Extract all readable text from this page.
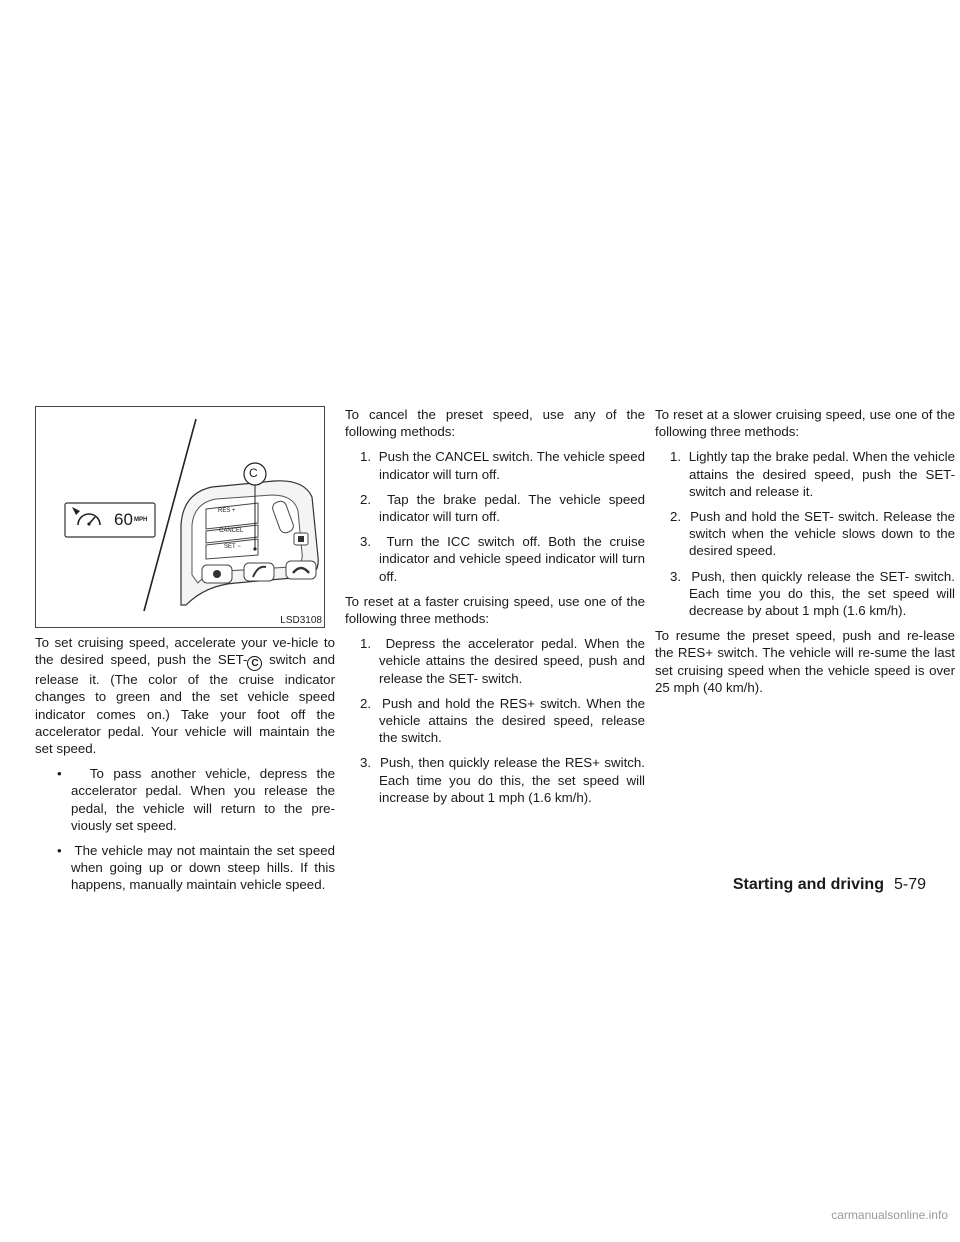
C
60 MPH
RES +
CANCEL
SET −
LSD3108

To set cruising speed, accelerate your ve-hicle to the desired speed, push the SET- C switch and release it. (The color of the cruise indicator changes to green and the set vehicle speed indicator comes on.) Take your foot off the accelerator pedal. Your vehicle will maintain the set speed.

• To pass another vehicle, depress the accelerator pedal. When you release the pedal, the vehicle will return to the pre-viously set speed.
• The vehicle may not maintain the set speed when going up or down steep hills. If this happens, manually maintain vehicle speed.

To cancel the preset speed, use any of the following methods:

1. Push the CANCEL switch. The vehicle speed indicator will turn off.
2. Tap the brake pedal. The vehicle speed indicator will turn off.
3. Turn the ICC switch off. Both the cruise indicator and vehicle speed indicator will turn off.

To reset at a faster cruising speed, use one of the following three methods:

1. Depress the accelerator pedal. When the vehicle attains the desired speed, push and release the SET- switch.
2. Push and hold the RES+ switch. When the vehicle attains the desired speed, release the switch.
3. Push, then quickly release the RES+ switch. Each time you do this, the set speed will increase by about 1 mph (1.6 km/h).

To reset at a slower cruising speed, use one of the following three methods:

1. Lightly tap the brake pedal. When the vehicle attains the desired speed, push the SET- switch and release it.
2. Push and hold the SET- switch. Release the switch when the vehicle slows down to the desired speed.
3. Push, then quickly release the SET- switch. Each time you do this, the set speed will decrease by about 1 mph (1.6 km/h).

To resume the preset speed, push and re-lease the RES+ switch. The vehicle will re-sume the last set cruising speed when the vehicle speed is over 25 mph (40 km/h).

Starting and driving 5-79
carmanualsonline.info
